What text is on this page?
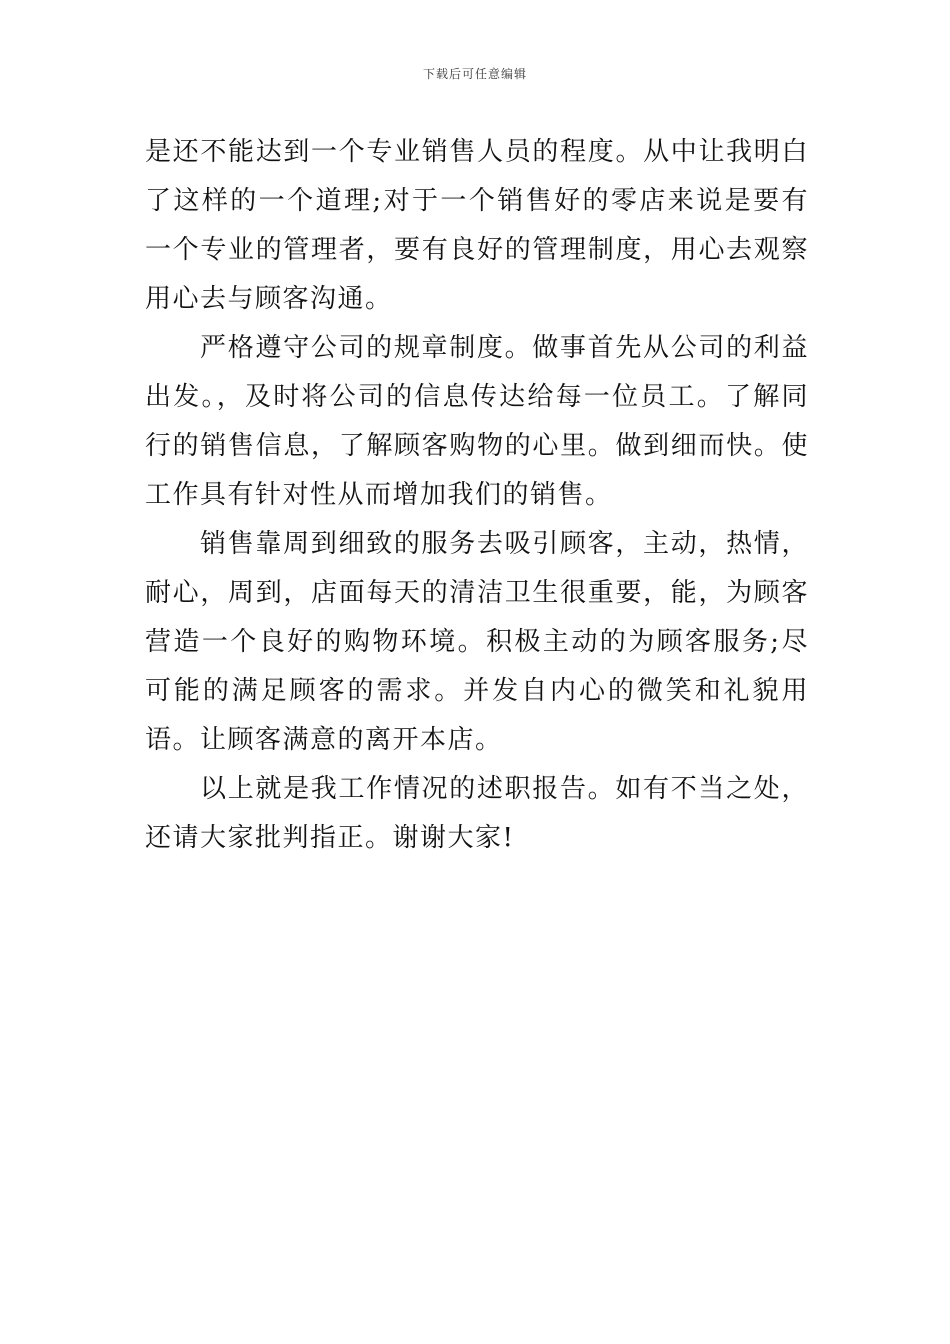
下载后可任意编辑

是还不能达到一个专业销售人员的程度。从中让我明白了这样的一个道理;对于一个销售好的零店来说是要有一个专业的管理者，要有良好的管理制度，用心去观察用心去与顾客沟通。

严格遵守公司的规章制度。做事首先从公司的利益出发。，及时将公司的信息传达给每一位员工。了解同行的销售信息，了解顾客购物的心里。做到细而快。使工作具有针对性从而增加我们的销售。

销售靠周到细致的服务去吸引顾客，主动，热情，耐心，周到，店面每天的清洁卫生很重要，能，为顾客营造一个良好的购物环境。积极主动的为顾客服务;尽可能的满足顾客的需求。并发自内心的微笑和礼貌用语。让顾客满意的离开本店。

以上就是我工作情况的述职报告。如有不当之处，还请大家批判指正。谢谢大家!
